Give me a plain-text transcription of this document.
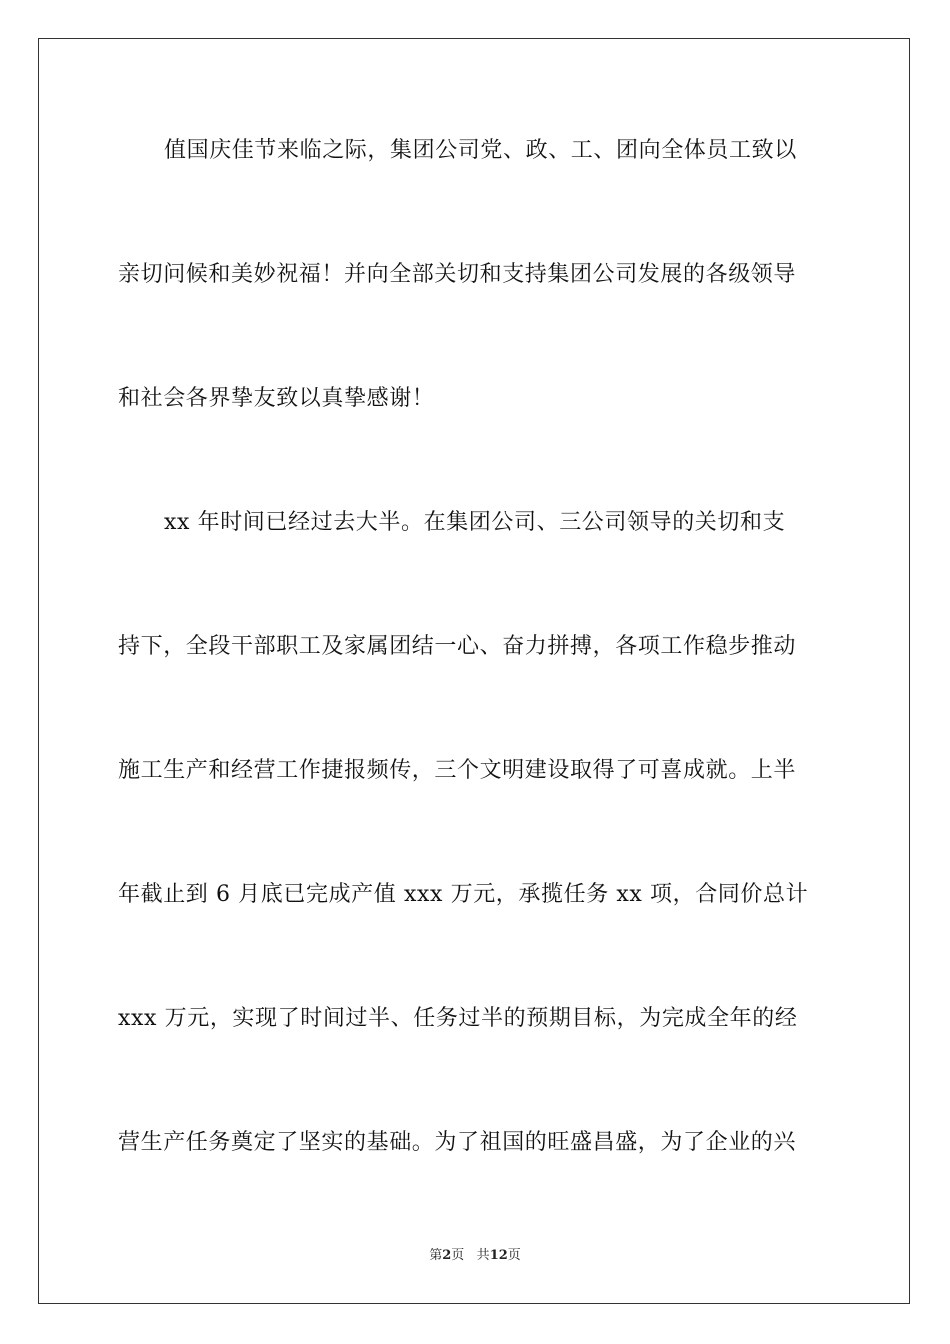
值国庆佳节来临之际，集团公司党、政、工、团向全体员工致以
亲切问候和美妙祝福！并向全部关切和支持集团公司发展的各级领导
和社会各界挚友致以真挚感谢！
xx 年时间已经过去大半。在集团公司、三公司领导的关切和支
持下，全段干部职工及家属团结一心、奋力拼搏，各项工作稳步推动
施工生产和经营工作捷报频传，三个文明建设取得了可喜成就。上半
年截止到 6 月底已完成产值 xxx 万元，承揽任务 xx 项，合同价总计
xxx 万元，实现了时间过半、任务过半的预期目标，为完成全年的经
营生产任务奠定了坚实的基础。为了祖国的旺盛昌盛，为了企业的兴
第2页 共12页
